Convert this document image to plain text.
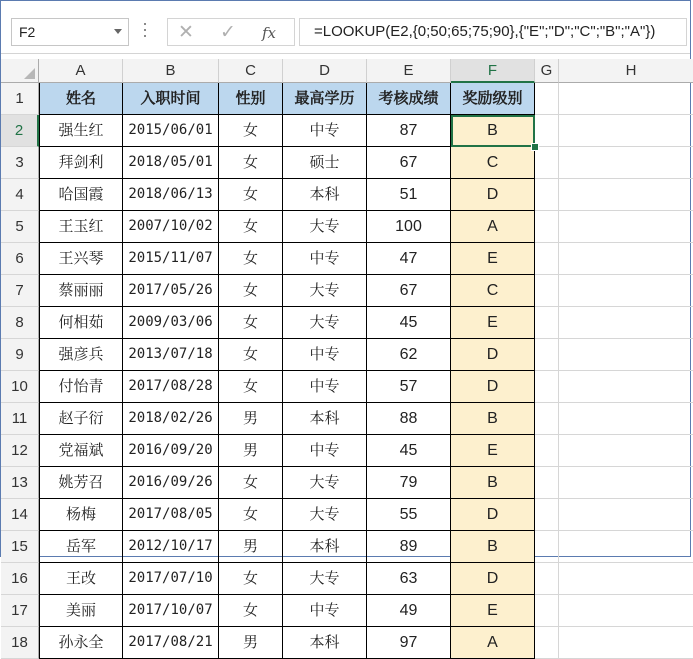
F2	✕ ✓ fx	=LOOKUP(E2,{0;50;65;75;90},{"E";"D";"C";"B";"A"})
A	B	C	D	E	F	G	H
1	姓名	入职时间	性别	最高学历	考核成绩	奖励级别
2	强生红	2015/06/01	女	中专	87	B
3	拜剑利	2018/05/01	女	硕士	67	C
4	哈国霞	2018/06/13	女	本科	51	D
5	王玉红	2007/10/02	女	大专	100	A
6	王兴琴	2015/11/07	女	中专	47	E
7	蔡丽丽	2017/05/26	女	大专	67	C
8	何相茹	2009/03/06	女	大专	45	E
9	强彦兵	2013/07/18	女	中专	62	D
10	付怡青	2017/08/28	女	中专	57	D
11	赵子衍	2018/02/26	男	本科	88	B
12	党福斌	2016/09/20	男	中专	45	E
13	姚芳召	2016/09/26	女	大专	79	B
14	杨梅	2017/08/05	女	大专	55	D
15	岳军	2012/10/17	男	本科	89	B
16	王改	2017/07/10	女	大专	63	D
17	美丽	2017/10/07	女	中专	49	E
18	孙永全	2017/08/21	男	本科	97	A
